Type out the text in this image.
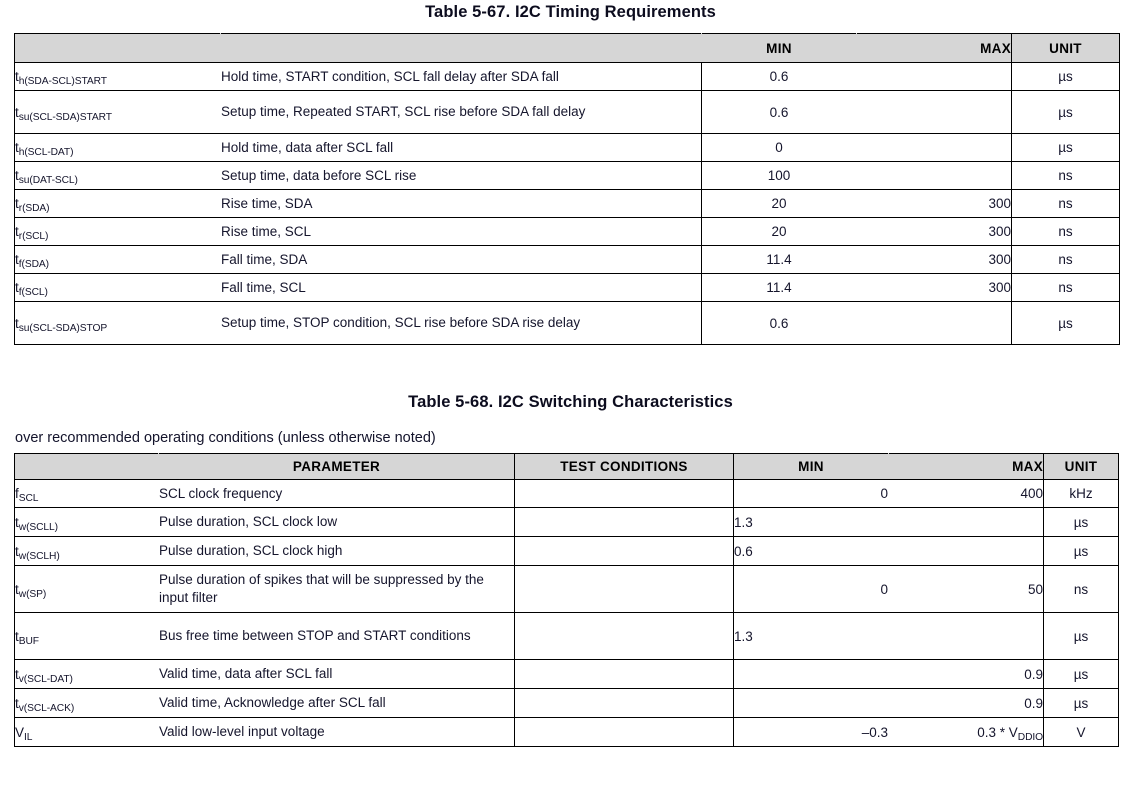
Table 5-67. I2C Timing Requirements
		MIN	MAX	UNIT
$t_{h(SDA-SCL)START}$	Hold time, START condition, SCL fall delay after SDA fall	0.6		µs
$t_{su(SCL-SDA)START}$	Setup time, Repeated START, SCL rise before SDA fall delay	0.6		µs
$t_{h(SCL-DAT)}$	Hold time, data after SCL fall	0		µs
$t_{su(DAT-SCL)}$	Setup time, data before SCL rise	100		ns
$t_{r(SDA)}$	Rise time, SDA	20	300	ns
$t_{r(SCL)}$	Rise time, SCL	20	300	ns
$t_{f(SDA)}$	Fall time, SDA	11.4	300	ns
$t_{f(SCL)}$	Fall time, SCL	11.4	300	ns
$t_{su(SCL-SDA)STOP}$	Setup time, STOP condition, SCL rise before SDA rise delay	0.6		µs
Table 5-68. I2C Switching Characteristics
over recommended operating conditions (unless otherwise noted)
	PARAMETER	TEST CONDITIONS	MIN	MAX	UNIT
$f_{SCL}$	SCL clock frequency		0	400	kHz
$t_{w(SCLL)}$	Pulse duration, SCL clock low		1.3		µs
$t_{w(SCLH)}$	Pulse duration, SCL clock high		0.6		µs
$t_{w(SP)}$	Pulse duration of spikes that will be suppressed by the input filter		0	50	ns
$t_{BUF}$	Bus free time between STOP and START conditions		1.3		µs
$t_{v(SCL-DAT)}$	Valid time, data after SCL fall			0.9	µs
$t_{v(SCL-ACK)}$	Valid time, Acknowledge after SCL fall			0.9	µs
$V_{IL}$	Valid low-level input voltage		–0.3	$0.3 * V_{DDIO}$	V
